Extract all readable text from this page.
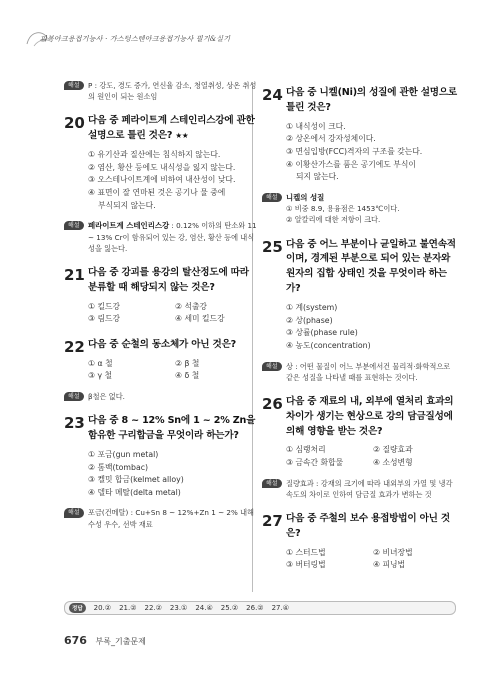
피복아크용접기능사 · 가스텅스텐아크용접기능사 필기&실기
해설	P : 강도, 경도 증가, 연신율 감소, 청열취성, 상온 취성의 원인이 되는 원소임
20 다음 중 페라이트계 스테인리스강에 관한 설명으로 틀린 것은? ★★
① 유기산과 질산에는 침식하지 않는다.
② 염산, 황산 등에도 내식성을 잃지 않는다.
③ 오스테나이트계에 비하여 내산성이 낮다.
④ 표면이 잘 연마된 것은 공기나 물 중에
부식되지 않는다.
해설	페라이트계 스테인리스강 : 0.12% 이하의 탄소와 11 ~ 13% Cr이 함유되어 있는 강, 염산, 황산 등에 내식성을 잃는다.
21 다음 중 강괴를 용강의 탈산정도에 따라 분류할 때 해당되지 않는 것은?
① 킬드강	② 석출강
③ 림드강	④ 세미 킬드강
22 다음 중 순철의 동소체가 아닌 것은?
① α 철	② β 철
③ γ 철	④ δ 철
해설	β철은 없다.
23 다음 중 8 ~ 12% Sn에 1 ~ 2% Zn을 함유한 구리합금을 무엇이라 하는가?
① 포금(gun metal)
② 톰백(tombac)
③ 켈밋 합금(kelmet alloy)
④ 델타 메탈(delta metal)
해설	포금(건메탈) : Cu+Sn 8 ~ 12%+Zn 1 ~ 2% 내해수성 우수, 선박 재료
24 다음 중 니켈(Ni)의 성질에 관한 설명으로 틀린 것은?
① 내식성이 크다.
② 상온에서 강자성체이다.
③ 면심입방(FCC)격자의 구조를 갖는다.
④ 이황산가스를 품은 공기에도 부식이
되지 않는다.
해설	니켈의 성질
① 비중 8.9, 용융점은 1453℃이다.
② 알칼리에 대한 저항이 크다.
25 다음 중 어느 부분이나 균일하고 불연속적이며, 경계된 부분으로 되어 있는 분자와 원자의 집합 상태인 것을 무엇이라 하는가?
① 계(system)
② 상(phase)
③ 상률(phase rule)
④ 농도(concentration)
해설	상 : 어떤 물질이 어느 부분에서건 물리적·화학적으로 같은 성질을 나타낼 때를 표현하는 것이다.
26 다음 중 재료의 내, 외부에 열처리 효과의 차이가 생기는 현상으로 강의 담금질성에 의해 영향을 받는 것은?
① 심랭처리	② 질량효과
③ 금속간 화합물	④ 소성변형
해설	질량효과 : 강재의 크기에 따라 내외부의 가열 및 냉각 속도의 차이로 인하여 담금질 효과가 변하는 것
27 다음 중 주철의 보수 용접방법이 아닌 것은?
① 스터드법	② 비녀장법
③ 버터링법	④ 피닝법
정답	20.② 21.② 22.② 23.① 24.④ 25.② 26.② 27.④
676 부록_기출문제
